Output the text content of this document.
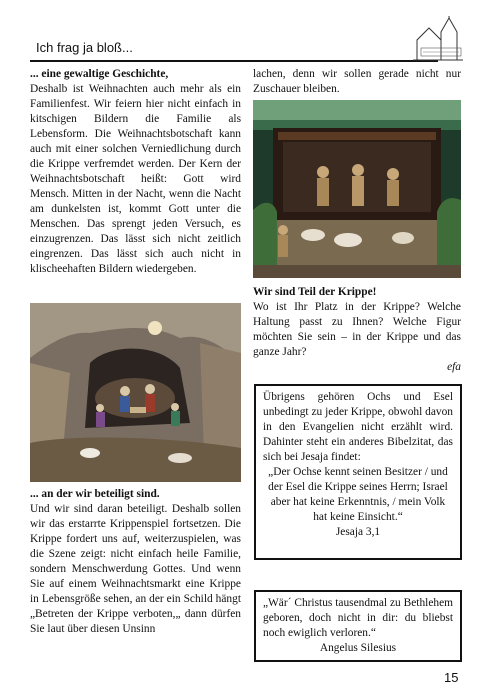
Ich frag ja bloß...

... eine gewaltige Geschichte,

Deshalb ist Weihnachten auch mehr als ein Familienfest. Wir feiern hier nicht einfach in kitschigen Bildern die Familie als Lebensform. Die Weihnachtsbotschaft kann auch mit einer solchen Verniedlichung durch die Krippe verfremdet werden. Der Kern der Weihnachtsbotschaft heißt: Gott wird Mensch. Mitten in der Nacht, wenn die Nacht am dunkelsten ist, kommt Gott unter die Menschen. Das sprengt jeden Versuch, es einzugrenzen. Das lässt sich nicht zeitlich eingrenzen. Das lässt sich auch nicht in klischeehaften Bildern wiedergeben.

... an der wir beteiligt sind.

Und wir sind daran beteiligt. Deshalb sollen wir das erstarrte Krippenspiel fortsetzen. Die Krippe fordert uns auf, weiterzuspielen, was die Szene zeigt: nicht einfach heile Familie, sondern Menschwerdung Gottes. Und wenn Sie auf einem Weihnachtsmarkt eine Krippe in Lebensgröße sehen, an der ein Schild hängt „Betreten der Krippe verboten,„ dann dürfen Sie laut über diesen Unsinn

lachen, denn wir sollen gerade nicht nur Zuschauer bleiben.

Wir sind Teil der Krippe!

Wo ist Ihr Platz in der Krippe? Welche Haltung passt zu Ihnen? Welche Figur möchten Sie sein – in der Krippe und das ganze Jahr?

efa

Übrigens gehören Ochs und Esel unbedingt zu jeder Krippe, obwohl davon in den Evangelien nicht erzählt wird. Dahinter steht ein anderes Bibelzitat, das sich bei Jesaja findet:

„Der Ochse kennt seinen Besitzer / und der Esel die Krippe seines Herrn; Israel aber hat keine Erkenntnis, / mein Volk hat keine Einsicht.“

Jesaja 3,1

„Wär´ Christus tausendmal zu Bethlehem geboren, doch nicht in dir: du bliebst noch ewiglich verloren.“

Angelus Silesius

15
